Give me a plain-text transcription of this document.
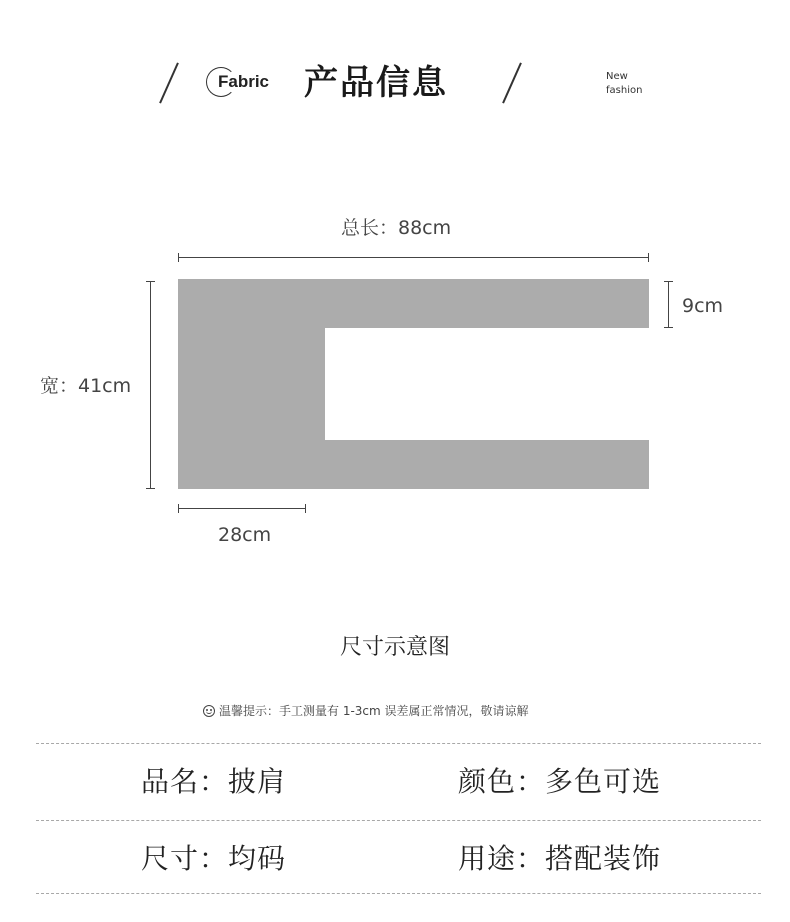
Fabric 产品信息	New
fashion
总长：88cm
宽：41cm
9cm
28cm
尺寸示意图
温馨提示：手工测量有 1-3cm 误差属正常情况，敬请谅解
品名：披肩	颜色：多色可选
尺寸：均码	用途：搭配装饰
